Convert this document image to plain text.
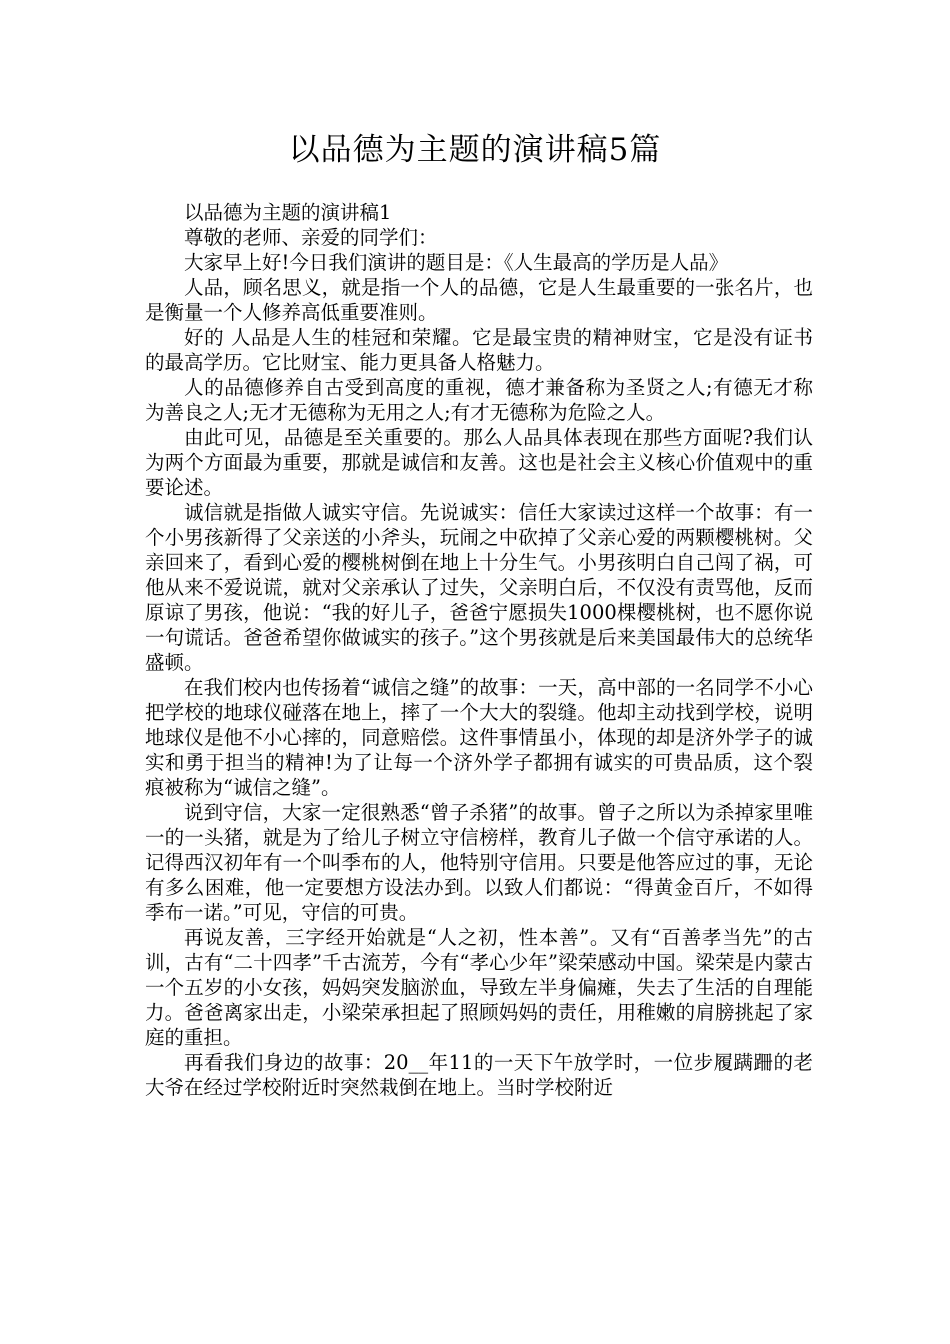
以品德为主题的演讲稿5篇

以品德为主题的演讲稿1

尊敬的老师、亲爱的同学们：

大家早上好!今日我们演讲的题目是：《人生最高的学历是人品》

人品，顾名思义，就是指一个人的品德，它是人生最重要的一张名片，也是衡量一个人修养高低重要准则。

好的 人品是人生的桂冠和荣耀。它是最宝贵的精神财宝，它是没有证书的最高学历。它比财宝、能力更具备人格魅力。

人的品德修养自古受到高度的重视，德才兼备称为圣贤之人;有德无才称为善良之人;无才无德称为无用之人;有才无德称为危险之人。

由此可见，品德是至关重要的。那么人品具体表现在那些方面呢?我们认为两个方面最为重要，那就是诚信和友善。这也是社会主义核心价值观中的重要论述。

诚信就是指做人诚实守信。先说诚实：信任大家读过这样一个故事：有一个小男孩新得了父亲送的小斧头，玩闹之中砍掉了父亲心爱的两颗樱桃树。父亲回来了，看到心爱的樱桃树倒在地上十分生气。小男孩明白自己闯了祸，可他从来不爱说谎，就对父亲承认了过失，父亲明白后，不仅没有责骂他，反而原谅了男孩，他说：“我的好儿子，爸爸宁愿损失1000棵樱桃树，也不愿你说一句谎话。爸爸希望你做诚实的孩子。”这个男孩就是后来美国最伟大的总统华盛顿。

在我们校内也传扬着“诚信之缝”的故事：一天，高中部的一名同学不小心把学校的地球仪碰落在地上，摔了一个大大的裂缝。他却主动找到学校，说明地球仪是他不小心摔的，同意赔偿。这件事情虽小，体现的却是济外学子的诚实和勇于担当的精神!为了让每一个济外学子都拥有诚实的可贵品质，这个裂痕被称为“诚信之缝”。

说到守信，大家一定很熟悉“曾子杀猪”的故事。曾子之所以为杀掉家里唯一的一头猪，就是为了给儿子树立守信榜样，教育儿子做一个信守承诺的人。记得西汉初年有一个叫季布的人，他特别守信用。只要是他答应过的事，无论有多么困难，他一定要想方设法办到。以致人们都说：“得黄金百斤，不如得季布一诺。”可见，守信的可贵。

再说友善，三字经开始就是“人之初，性本善”。又有“百善孝当先”的古训，古有“二十四孝”千古流芳，今有“孝心少年”梁荣感动中国。梁荣是内蒙古一个五岁的小女孩，妈妈突发脑淤血，导致左半身偏瘫，失去了生活的自理能力。爸爸离家出走，小梁荣承担起了照顾妈妈的责任，用稚嫩的肩膀挑起了家庭的重担。

再看我们身边的故事：20__年11的一天下午放学时，一位步履蹒跚的老大爷在经过学校附近时突然栽倒在地上。当时学校附近
